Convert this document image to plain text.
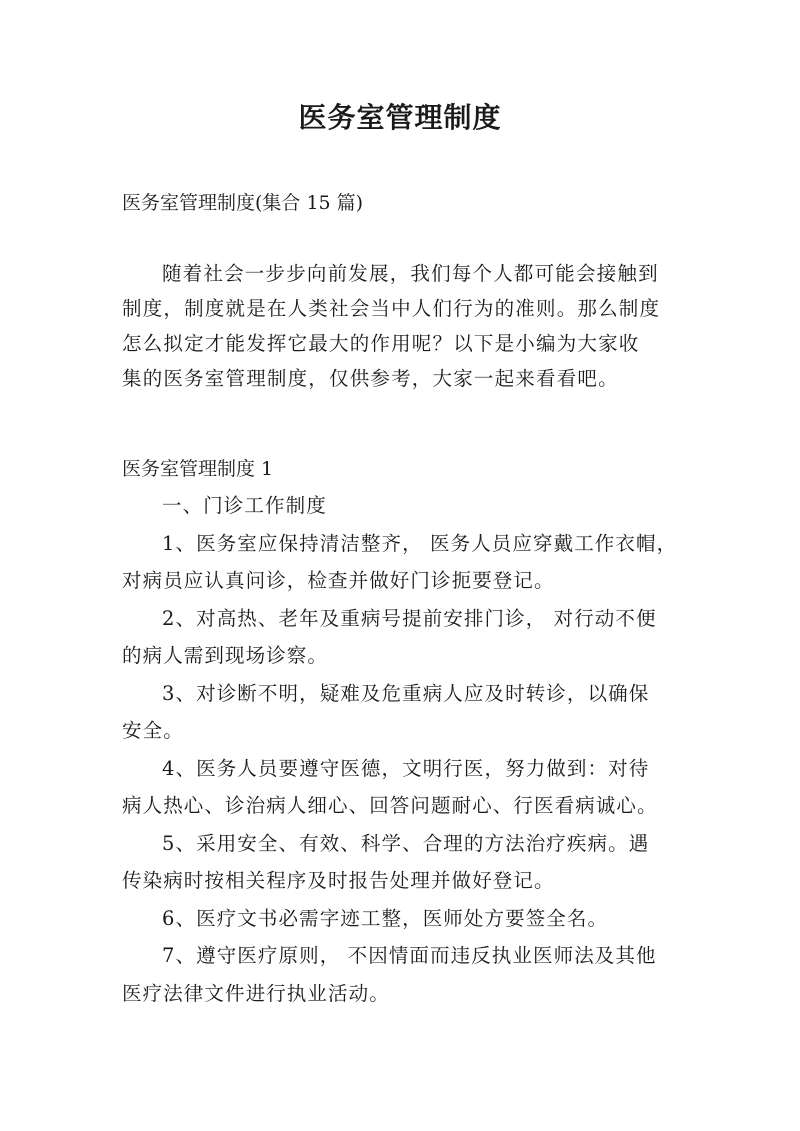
医务室管理制度

医务室管理制度(集合 15 篇)

随着社会一步步向前发展，我们每个人都可能会接触到
制度，制度就是在人类社会当中人们行为的准则。那么制度
怎么拟定才能发挥它最大的作用呢？以下是小编为大家收
集的医务室管理制度，仅供参考，大家一起来看看吧。

医务室管理制度 1

一、门诊工作制度
1、医务室应保持清洁整齐， 医务人员应穿戴工作衣帽，
对病员应认真问诊，检查并做好门诊扼要登记。
2、对高热、老年及重病号提前安排门诊， 对行动不便
的病人需到现场诊察。
3、对诊断不明，疑难及危重病人应及时转诊，以确保
安全。
4、医务人员要遵守医德，文明行医，努力做到：对待
病人热心、诊治病人细心、回答问题耐心、行医看病诚心。
5、采用安全、有效、科学、合理的方法治疗疾病。遇
传染病时按相关程序及时报告处理并做好登记。
6、医疗文书必需字迹工整，医师处方要签全名。
7、遵守医疗原则， 不因情面而违反执业医师法及其他
医疗法律文件进行执业活动。
